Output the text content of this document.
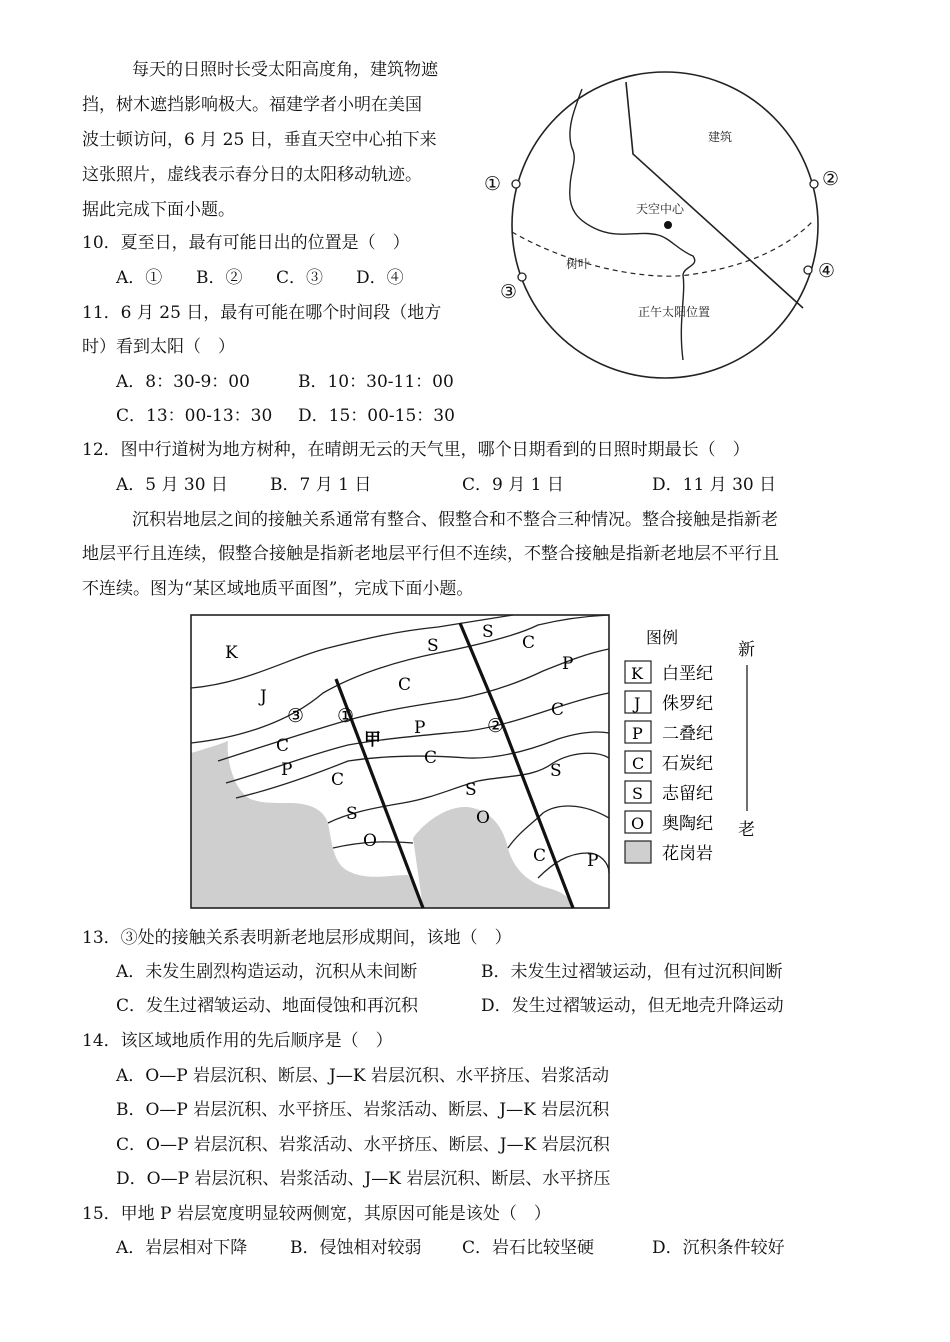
每天的日照时长受太阳高度角，建筑物遮
挡，树木遮挡影响极大。福建学者小明在美国
波士顿访问，6 月 25 日，垂直天空中心拍下来
这张照片，虚线表示春分日的太阳移动轨迹。
据此完成下面小题。
10．夏至日，最有可能日出的位置是（　）
A．① B．② C．③ D．④
11．6 月 25 日，最有可能在哪个时间段（地方
时）看到太阳（　）
A．8：30-9：00	B．10：30-11：00
C．13：00-13：30 D．15：00-15：30
12．图中行道树为地方树种，在晴朗无云的天气里，哪个日期看到的日照时期最长（　）
A．5 月 30 日 B．7 月 1 日	C．9 月 1 日	D．11 月 30 日
沉积岩地层之间的接触关系通常有整合、假整合和不整合三种情况。整合接触是指新老
地层平行且连续，假整合接触是指新老地层平行但不连续，不整合接触是指新老地层不平行且
不连续。图为“某区域地质平面图”，完成下面小题。
①	②
③
④
建筑
天空中心
树叶
正午太阳位置
K
J
S
S
C
C
P
C
P
C
P C
C
S
S
S
O
O
C P
③ ①	②
甲
图例
新
老
K 白垩纪
J 侏罗纪
P 二叠纪
C 石炭纪
S 志留纪
O 奥陶纪
花岗岩
13．③处的接触关系表明新老地层形成期间，该地（　）
A．未发生剧烈构造运动，沉积从未间断	B．未发生过褶皱运动，但有过沉积间断
C．发生过褶皱运动、地面侵蚀和再沉积	D．发生过褶皱运动，但无地壳升降运动
14．该区域地质作用的先后顺序是（　）
A．O—P 岩层沉积、断层、J—K 岩层沉积、水平挤压、岩浆活动
B．O—P 岩层沉积、水平挤压、岩浆活动、断层、J—K 岩层沉积
C．O—P 岩层沉积、岩浆活动、水平挤压、断层、J—K 岩层沉积
D．O—P 岩层沉积、岩浆活动、J—K 岩层沉积、断层、水平挤压
15．甲地 P 岩层宽度明显较两侧宽，其原因可能是该处（　）
A．岩层相对下降	B．侵蚀相对较弱 C．岩石比较坚硬	D．沉积条件较好
